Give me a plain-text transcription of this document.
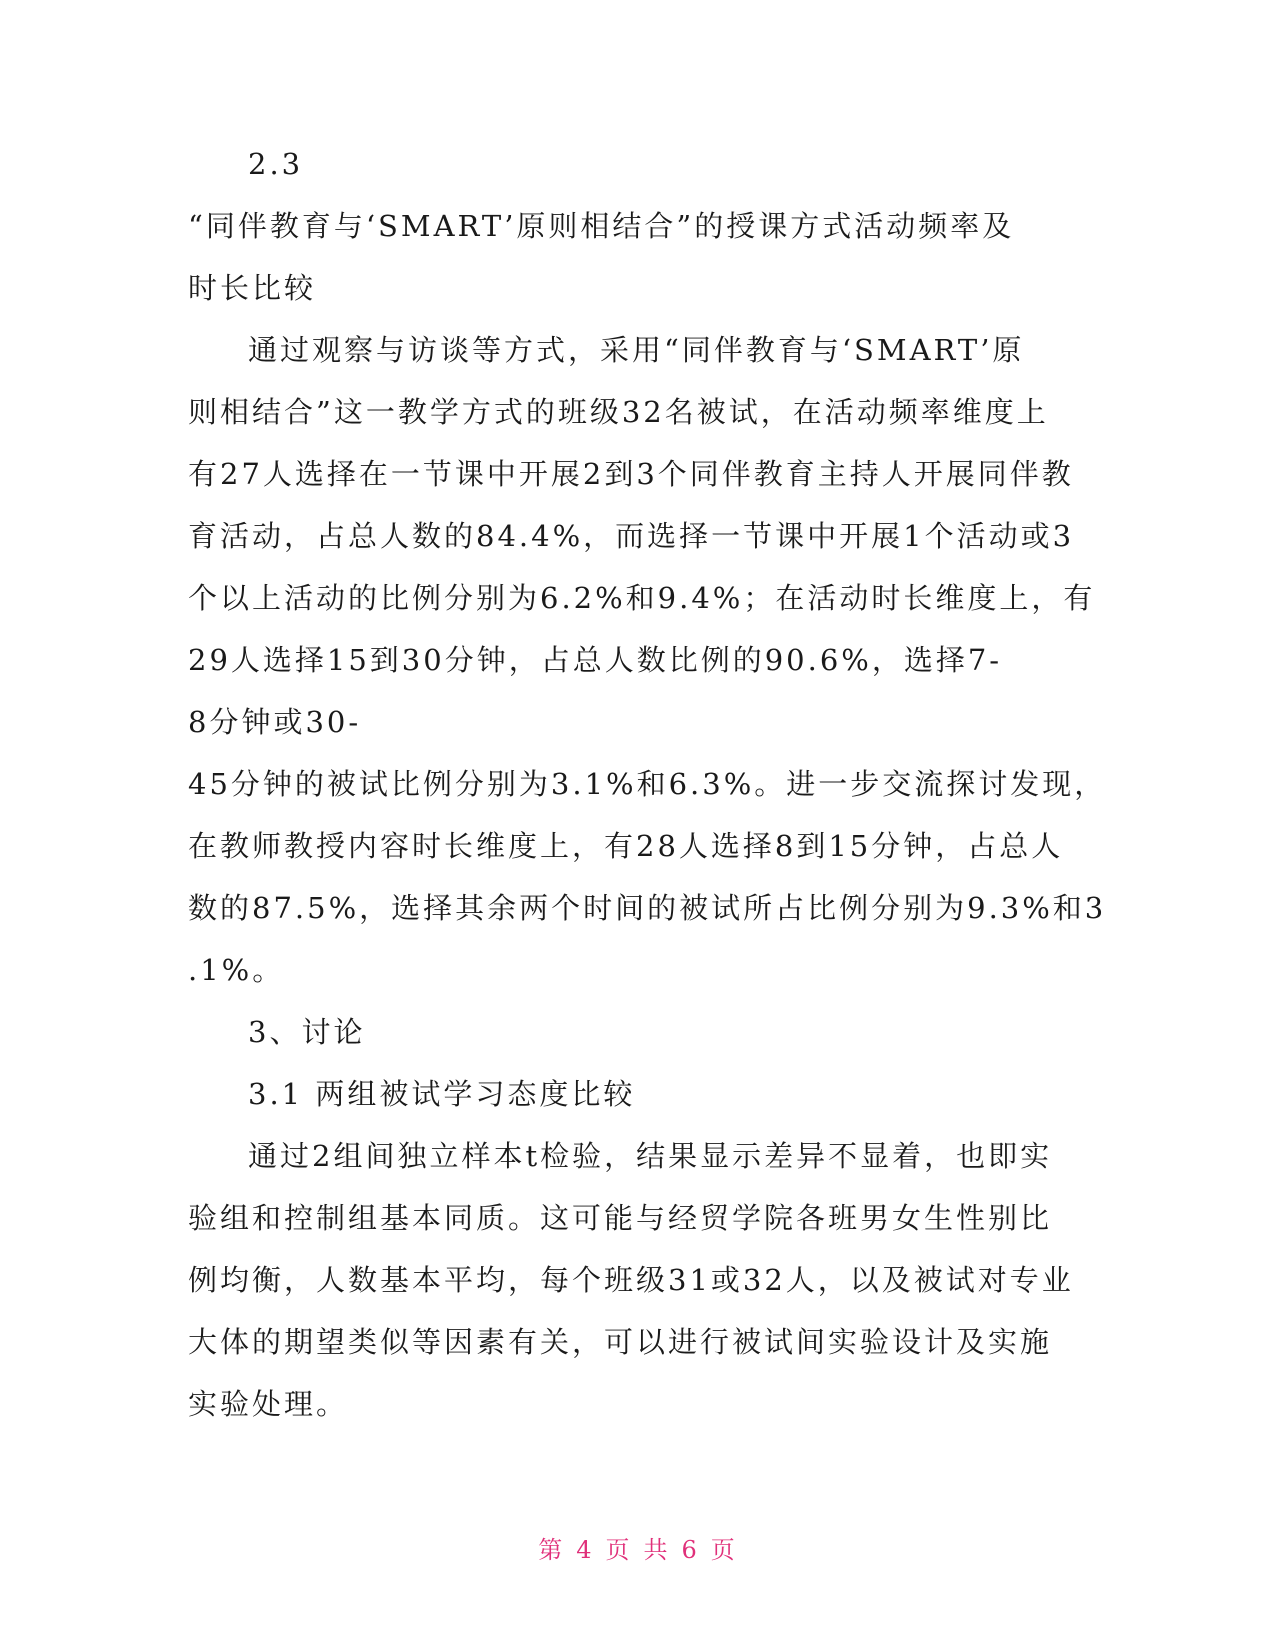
2.3
“同伴教育与‘SMART’原则相结合”的授课方式活动频率及
时长比较
通过观察与访谈等方式，采用“同伴教育与‘SMART’原
则相结合”这一教学方式的班级32名被试，在活动频率维度上
有27人选择在一节课中开展2到3个同伴教育主持人开展同伴教
育活动，占总人数的84.4%，而选择一节课中开展1个活动或3
个以上活动的比例分别为6.2%和9.4%；在活动时长维度上，有
29人选择15到30分钟，占总人数比例的90.6%，选择7-
8分钟或30-
45分钟的被试比例分别为3.1%和6.3%。进一步交流探讨发现，
在教师教授内容时长维度上，有28人选择8到15分钟，占总人
数的87.5%，选择其余两个时间的被试所占比例分别为9.3%和3
.1%。
3、讨论
3.1 两组被试学习态度比较
通过2组间独立样本t检验，结果显示差异不显着，也即实
验组和控制组基本同质。这可能与经贸学院各班男女生性别比
例均衡，人数基本平均，每个班级31或32人，以及被试对专业
大体的期望类似等因素有关，可以进行被试间实验设计及实施
实验处理。
第 4 页 共 6 页
